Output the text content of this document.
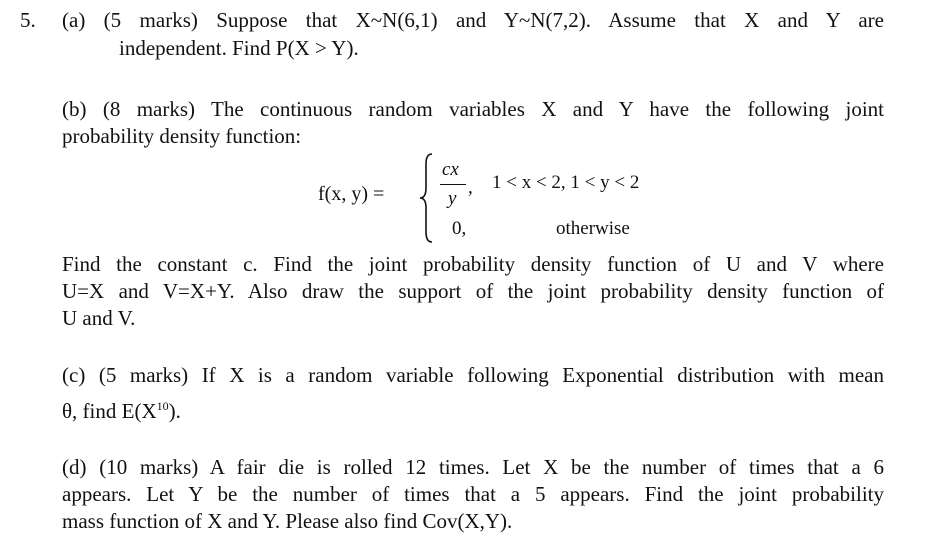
5. (a) (5 marks) Suppose that X~N(6,1) and Y~N(7,2). Assume that X and Y are
independent. Find P(X > Y).
(b) (8 marks) The continuous random variables X and Y have the following joint
probability density function:
f(x, y) =
cx
y
, 1 < x < 2, 1 < y < 2
0,	otherwise
Find the constant c. Find the joint probability density function of U and V where
U=X and V=X+Y. Also draw the support of the joint probability density function of
U and V.
(c) (5 marks) If X is a random variable following Exponential distribution with mean
θ, find $E(X^{10})$.
(d) (10 marks) A fair die is rolled 12 times. Let X be the number of times that a 6
appears. Let Y be the number of times that a 5 appears. Find the joint probability
mass function of X and Y. Please also find Cov(X,Y).
